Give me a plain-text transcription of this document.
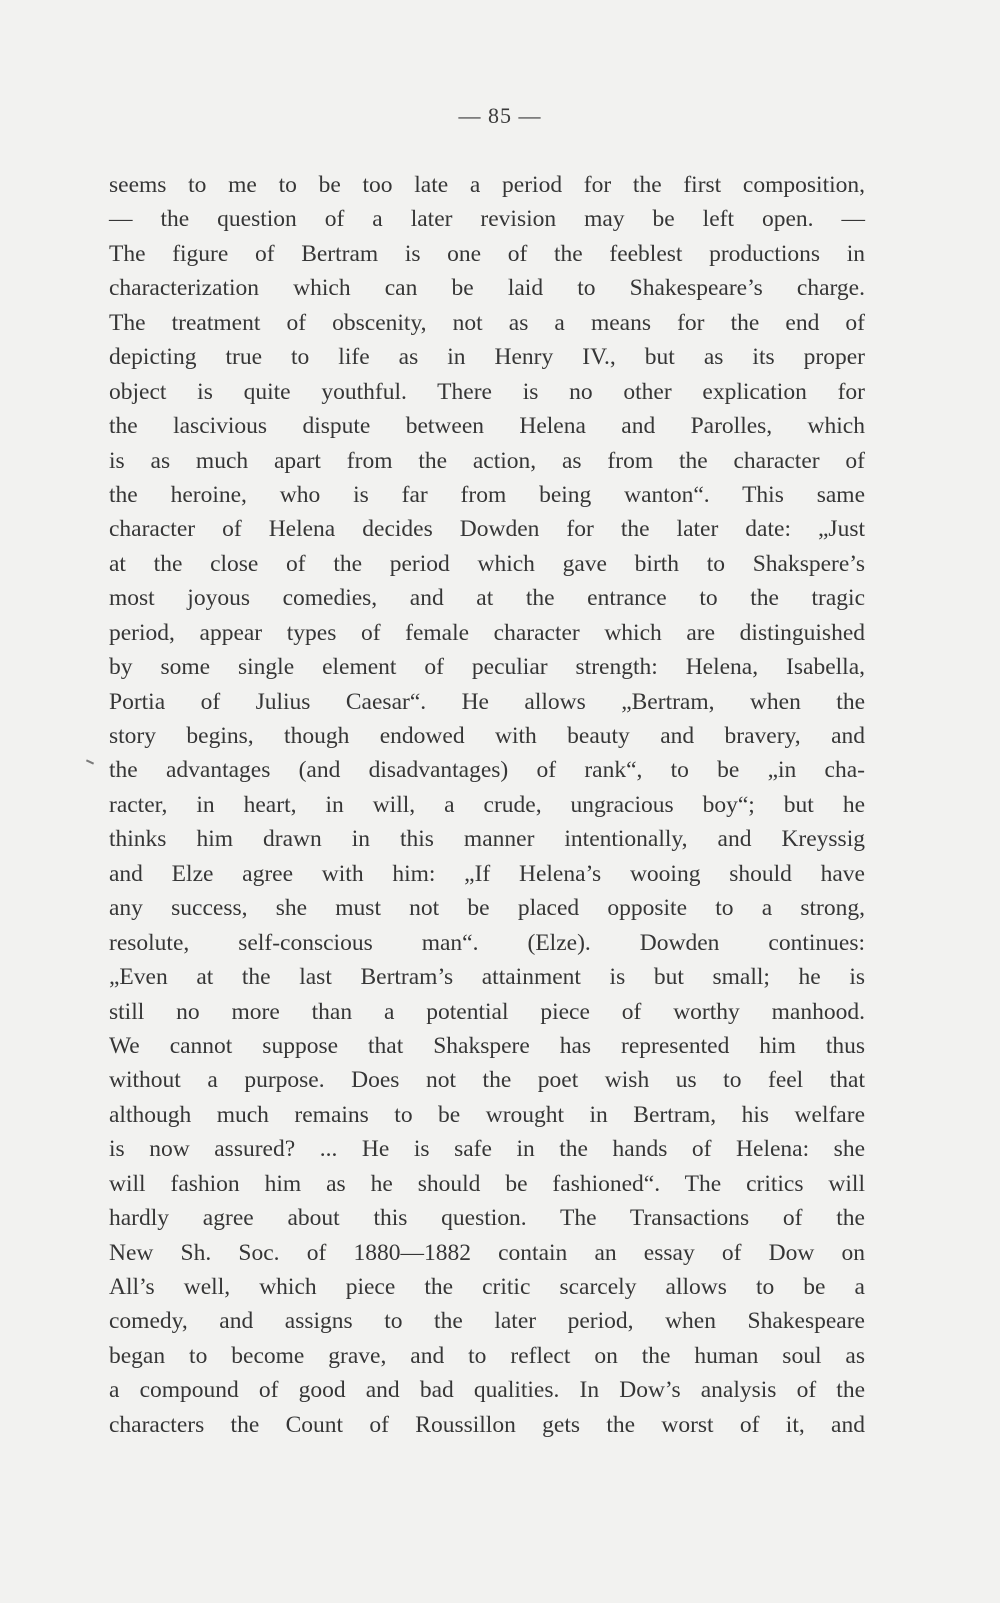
— 85 —
seems to me to be too late a period for the first composition,
— the question of a later revision may be left open. —
The figure of Bertram is one of the feeblest productions in
characterization which can be laid to Shakespeare’s charge.
The treatment of obscenity, not as a means for the end of
depicting true to life as in Henry IV., but as its proper
object is quite youthful. There is no other explication for
the lascivious dispute between Helena and Parolles, which
is as much apart from the action, as from the character of
the heroine, who is far from being wanton“. This same
character of Helena decides Dowden for the later date: „Just
at the close of the period which gave birth to Shakspere’s
most joyous comedies, and at the entrance to the tragic
period, appear types of female character which are distinguished
by some single element of peculiar strength: Helena, Isabella,
Portia of Julius Caesar“. He allows „Bertram, when the
story begins, though endowed with beauty and bravery, and
the advantages (and disadvantages) of rank“, to be „in cha-
racter, in heart, in will, a crude, ungracious boy“; but he
thinks him drawn in this manner intentionally, and Kreyssig
and Elze agree with him: „If Helena’s wooing should have
any success, she must not be placed opposite to a strong,
resolute, self-conscious man“. (Elze). Dowden continues:
„Even at the last Bertram’s attainment is but small; he is
still no more than a potential piece of worthy manhood.
We cannot suppose that Shakspere has represented him thus
without a purpose. Does not the poet wish us to feel that
although much remains to be wrought in Bertram, his welfare
is now assured? ... He is safe in the hands of Helena: she
will fashion him as he should be fashioned“. The critics will
hardly agree about this question. The Transactions of the
New Sh. Soc. of 1880—1882 contain an essay of Dow on
All’s well, which piece the critic scarcely allows to be a
comedy, and assigns to the later period, when Shakespeare
began to become grave, and to reflect on the human soul as
a compound of good and bad qualities. In Dow’s analysis of the
characters the Count of Roussillon gets the worst of it, and
